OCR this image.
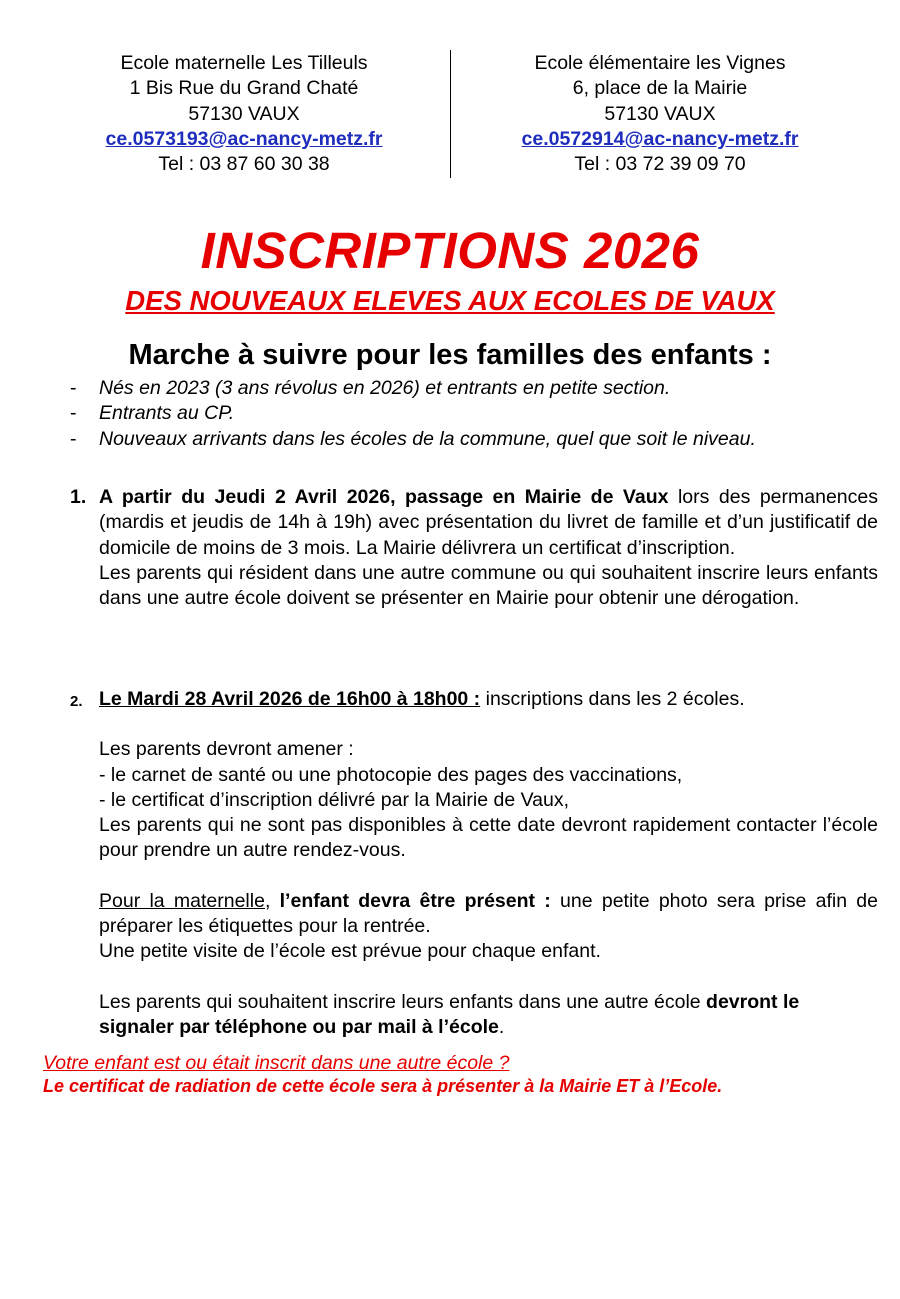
Ecole maternelle Les Tilleuls
1 Bis Rue du Grand Chaté
57130 VAUX
ce.0573193@ac-nancy-metz.fr
Tel : 03 87 60 30 38
Ecole élémentaire les Vignes
6, place de la Mairie
57130 VAUX
ce.0572914@ac-nancy-metz.fr
Tel : 03 72 39 09 70
INSCRIPTIONS 2026
DES NOUVEAUX ELEVES AUX ECOLES DE VAUX
Marche à suivre pour les familles des enfants :
- Nés en 2023 (3 ans révolus en 2026) et entrants en petite section.
- Entrants au CP.
- Nouveaux arrivants dans les écoles de la commune, quel que soit le niveau.
1. A partir du Jeudi 2 Avril 2026, passage en Mairie de Vaux lors des permanences (mardis et jeudis de 14h à 19h) avec présentation du livret de famille et d’un justificatif de domicile de moins de 3 mois. La Mairie délivrera un certificat d’inscription.

Les parents qui résident dans une autre commune ou qui souhaitent inscrire leurs enfants dans une autre école doivent se présenter en Mairie pour obtenir une dérogation.

2. Le Mardi 28 Avril 2026 de 16h00 à 18h00 : inscriptions dans les 2 écoles.

Les parents devront amener :

- le carnet de santé ou une photocopie des pages des vaccinations,

- le certificat d’inscription délivré par la Mairie de Vaux,

Les parents qui ne sont pas disponibles à cette date devront rapidement contacter l’école pour prendre un autre rendez-vous.

Pour la maternelle, l’enfant devra être présent : une petite photo sera prise afin de préparer les étiquettes pour la rentrée.

Une petite visite de l’école est prévue pour chaque enfant.

Les parents qui souhaitent inscrire leurs enfants dans une autre école devront le signaler par téléphone ou par mail à l’école.

Votre enfant est ou était inscrit dans une autre école ?
Le certificat de radiation de cette école sera à présenter à la Mairie ET à l’Ecole.
